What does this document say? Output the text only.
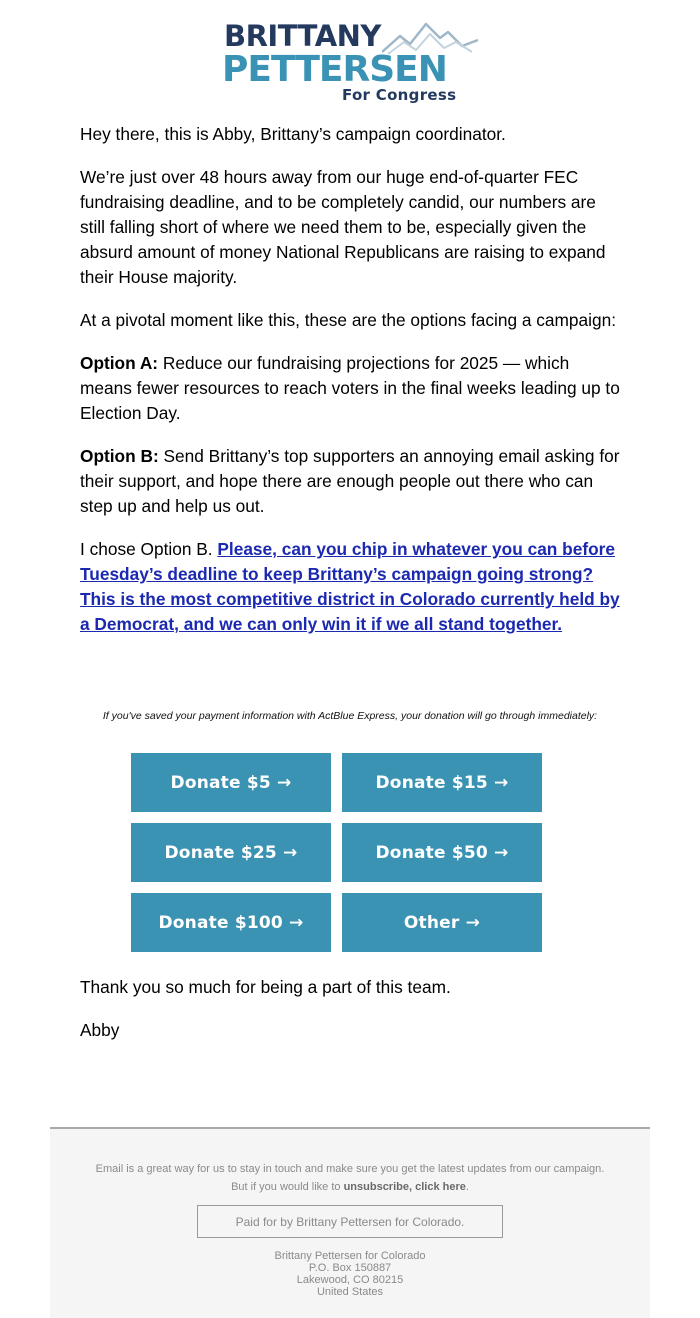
BRITTANY
PETTERSEN
For Congress

Hey there, this is Abby, Brittany’s campaign coordinator.

We’re just over 48 hours away from our huge end-of-quarter FEC fundraising deadline, and to be completely candid, our numbers are still falling short of where we need them to be, especially given the absurd amount of money National Republicans are raising to expand their House majority.

At a pivotal moment like this, these are the options facing a campaign:

Option A: Reduce our fundraising projections for 2025 — which means fewer resources to reach voters in the final weeks leading up to Election Day.

Option B: Send Brittany’s top supporters an annoying email asking for their support, and hope there are enough people out there who can step up and help us out.

I chose Option B. Please, can you chip in whatever you can before Tuesday’s deadline to keep Brittany’s campaign going strong? This is the most competitive district in Colorado currently held by a Democrat, and we can only win it if we all stand together.

If you've saved your payment information with ActBlue Express, your donation will go through immediately:
Donate $5 →	Donate $15 →
Donate $25 →	Donate $50 →
Donate $100 →	Other →

Thank you so much for being a part of this team.

Abby

Email is a great way for us to stay in touch and make sure you get the latest updates from our campaign.
But if you would like to unsubscribe, click here.
Paid for by Brittany Pettersen for Colorado.
Brittany Pettersen for Colorado
P.O. Box 150887
Lakewood, CO 80215
United States
